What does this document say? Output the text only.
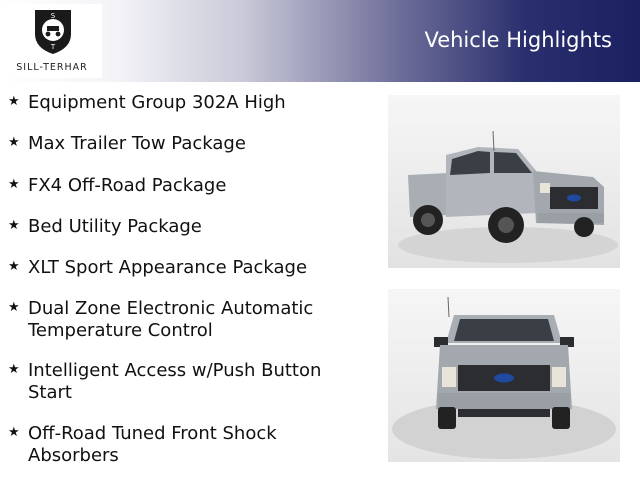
S
T
SILL-TERHAR
Vehicle Highlights
★ Equipment Group 302A High
★ Max Trailer Tow Package
★ FX4 Off-Road Package
★ Bed Utility Package
★ XLT Sport Appearance Package
★ Dual Zone Electronic Automatic Temperature Control
★ Intelligent Access w/Push Button Start
★ Off-Road Tuned Front Shock Absorbers
